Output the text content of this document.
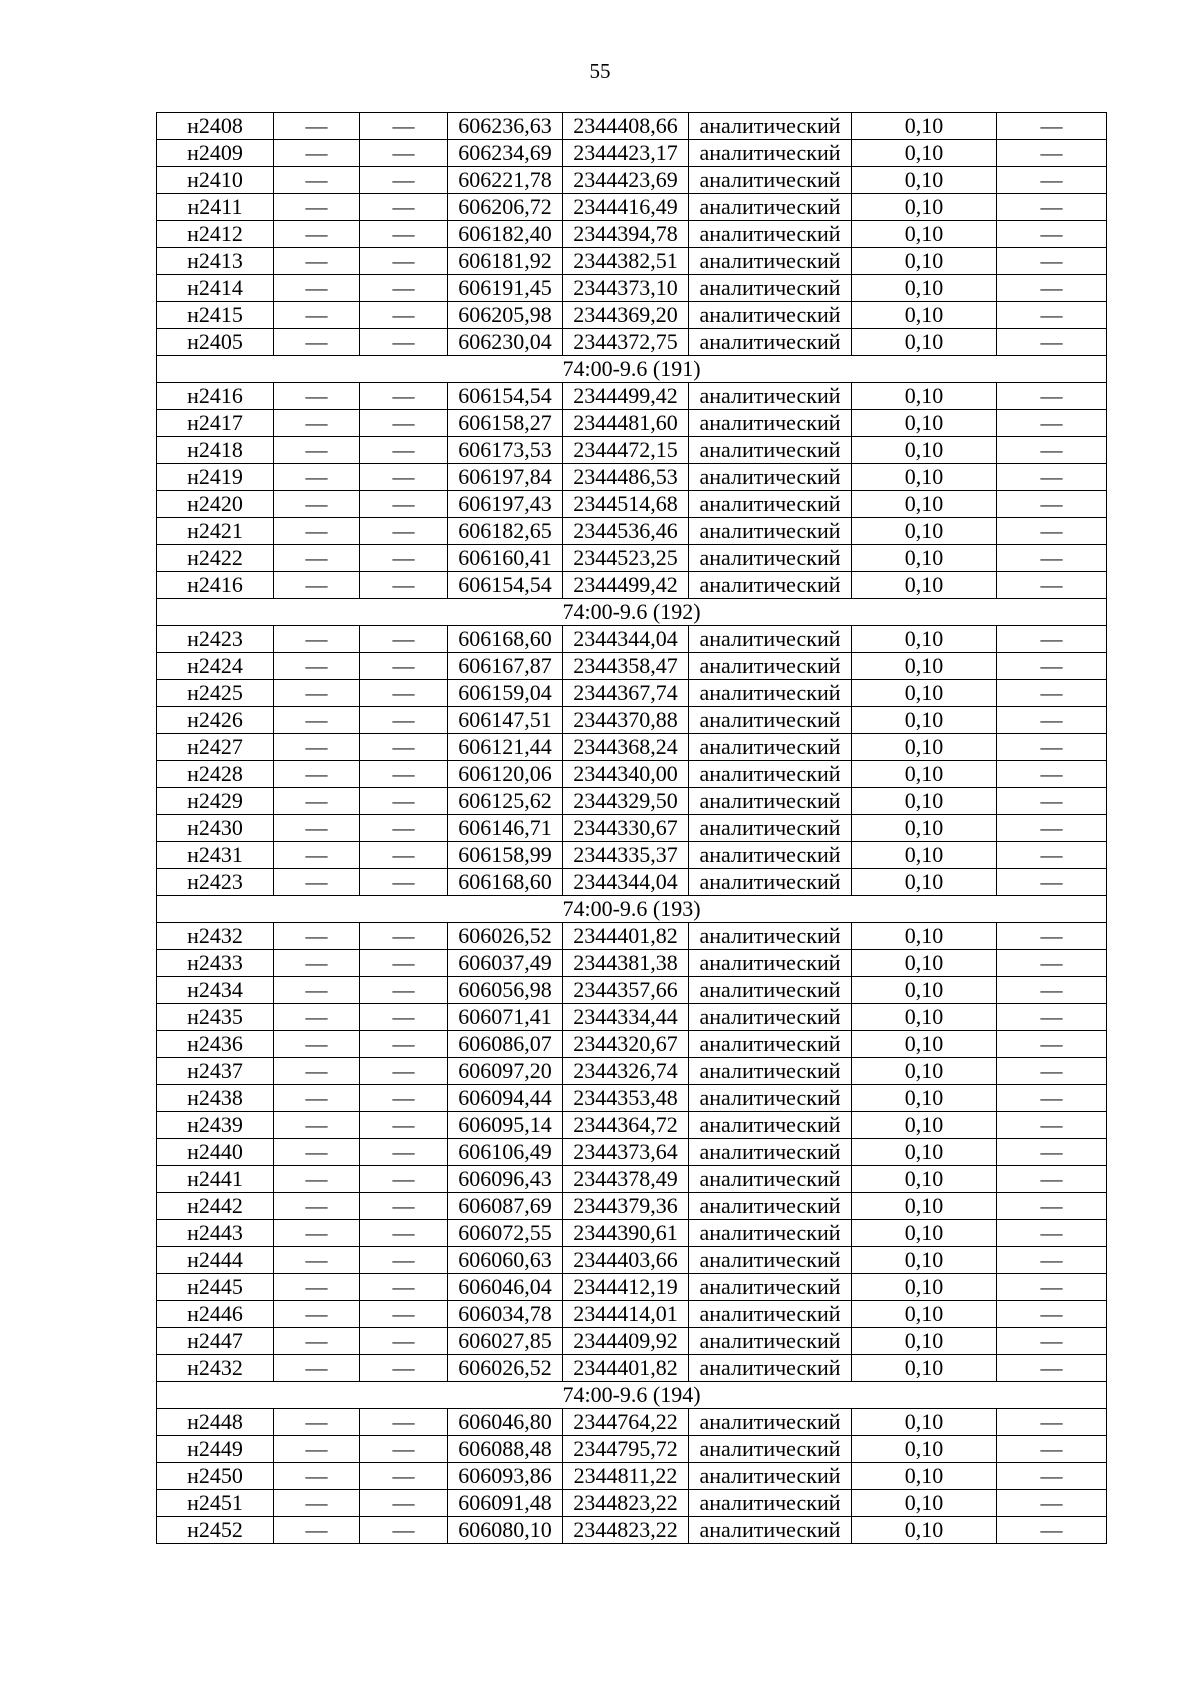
55
н2408	—	—	606236,63	2344408,66	аналитический	0,10	—
н2409	—	—	606234,69	2344423,17	аналитический	0,10	—
н2410	—	—	606221,78	2344423,69	аналитический	0,10	—
н2411	—	—	606206,72	2344416,49	аналитический	0,10	—
н2412	—	—	606182,40	2344394,78	аналитический	0,10	—
н2413	—	—	606181,92	2344382,51	аналитический	0,10	—
н2414	—	—	606191,45	2344373,10	аналитический	0,10	—
н2415	—	—	606205,98	2344369,20	аналитический	0,10	—
н2405	—	—	606230,04	2344372,75	аналитический	0,10	—
74:00-9.6 (191)							
н2416	—	—	606154,54	2344499,42	аналитический	0,10	—
н2417	—	—	606158,27	2344481,60	аналитический	0,10	—
н2418	—	—	606173,53	2344472,15	аналитический	0,10	—
н2419	—	—	606197,84	2344486,53	аналитический	0,10	—
н2420	—	—	606197,43	2344514,68	аналитический	0,10	—
н2421	—	—	606182,65	2344536,46	аналитический	0,10	—
н2422	—	—	606160,41	2344523,25	аналитический	0,10	—
н2416	—	—	606154,54	2344499,42	аналитический	0,10	—
74:00-9.6 (192)							
н2423	—	—	606168,60	2344344,04	аналитический	0,10	—
н2424	—	—	606167,87	2344358,47	аналитический	0,10	—
н2425	—	—	606159,04	2344367,74	аналитический	0,10	—
н2426	—	—	606147,51	2344370,88	аналитический	0,10	—
н2427	—	—	606121,44	2344368,24	аналитический	0,10	—
н2428	—	—	606120,06	2344340,00	аналитический	0,10	—
н2429	—	—	606125,62	2344329,50	аналитический	0,10	—
н2430	—	—	606146,71	2344330,67	аналитический	0,10	—
н2431	—	—	606158,99	2344335,37	аналитический	0,10	—
н2423	—	—	606168,60	2344344,04	аналитический	0,10	—
74:00-9.6 (193)							
н2432	—	—	606026,52	2344401,82	аналитический	0,10	—
н2433	—	—	606037,49	2344381,38	аналитический	0,10	—
н2434	—	—	606056,98	2344357,66	аналитический	0,10	—
н2435	—	—	606071,41	2344334,44	аналитический	0,10	—
н2436	—	—	606086,07	2344320,67	аналитический	0,10	—
н2437	—	—	606097,20	2344326,74	аналитический	0,10	—
н2438	—	—	606094,44	2344353,48	аналитический	0,10	—
н2439	—	—	606095,14	2344364,72	аналитический	0,10	—
н2440	—	—	606106,49	2344373,64	аналитический	0,10	—
н2441	—	—	606096,43	2344378,49	аналитический	0,10	—
н2442	—	—	606087,69	2344379,36	аналитический	0,10	—
н2443	—	—	606072,55	2344390,61	аналитический	0,10	—
н2444	—	—	606060,63	2344403,66	аналитический	0,10	—
н2445	—	—	606046,04	2344412,19	аналитический	0,10	—
н2446	—	—	606034,78	2344414,01	аналитический	0,10	—
н2447	—	—	606027,85	2344409,92	аналитический	0,10	—
н2432	—	—	606026,52	2344401,82	аналитический	0,10	—
74:00-9.6 (194)							
н2448	—	—	606046,80	2344764,22	аналитический	0,10	—
н2449	—	—	606088,48	2344795,72	аналитический	0,10	—
н2450	—	—	606093,86	2344811,22	аналитический	0,10	—
н2451	—	—	606091,48	2344823,22	аналитический	0,10	—
н2452	—	—	606080,10	2344823,22	аналитический	0,10	—
